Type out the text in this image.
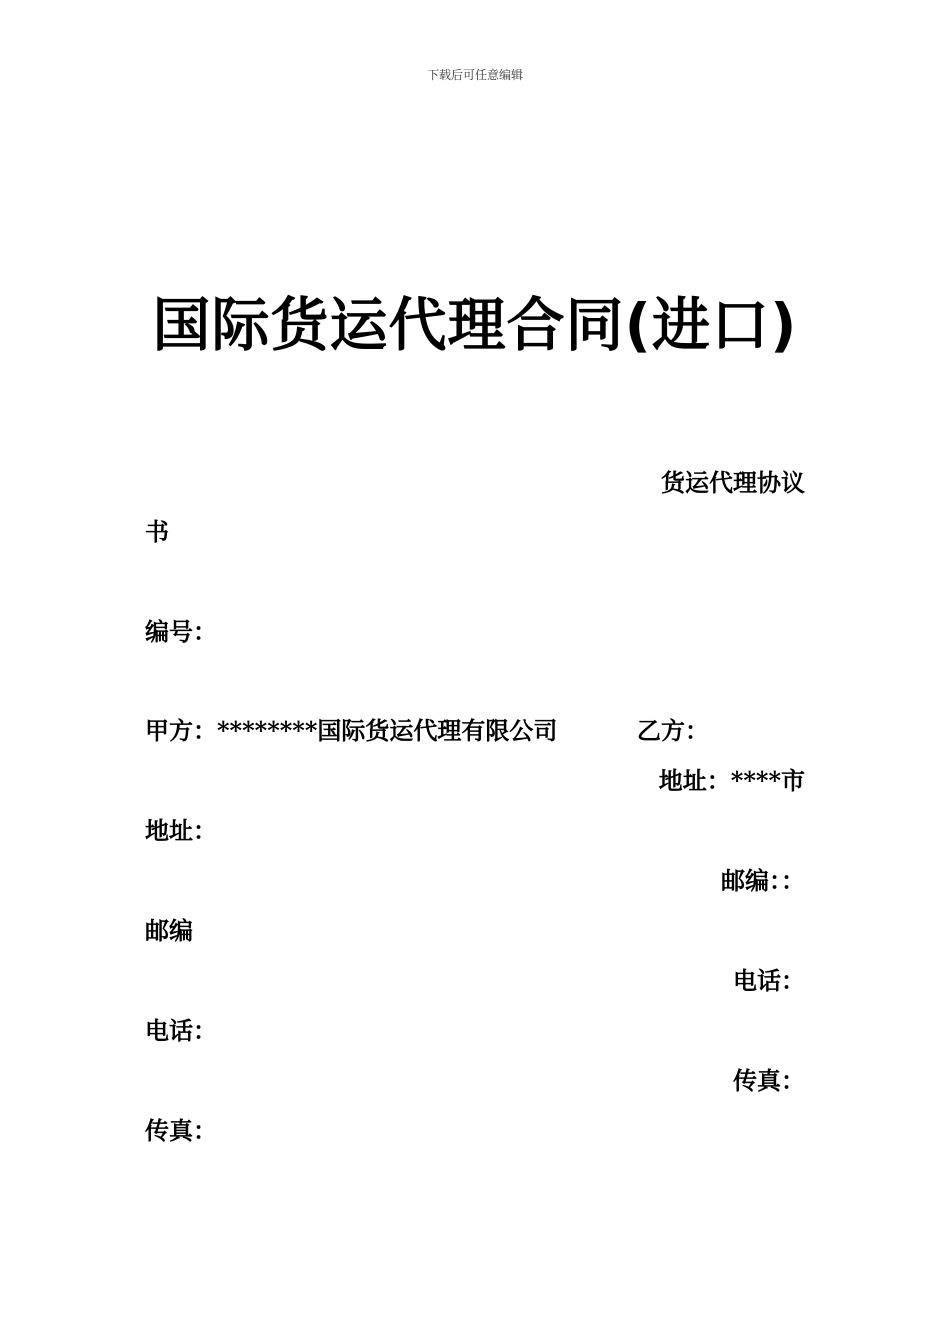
下载后可任意编辑
国际货运代理合同(进口)
货运代理协议
书
编号：
甲方：********国际货运代理有限公司	乙方：
地址：****市
地址：
邮编：：
邮编
电话：
电话：
传真：
传真：
